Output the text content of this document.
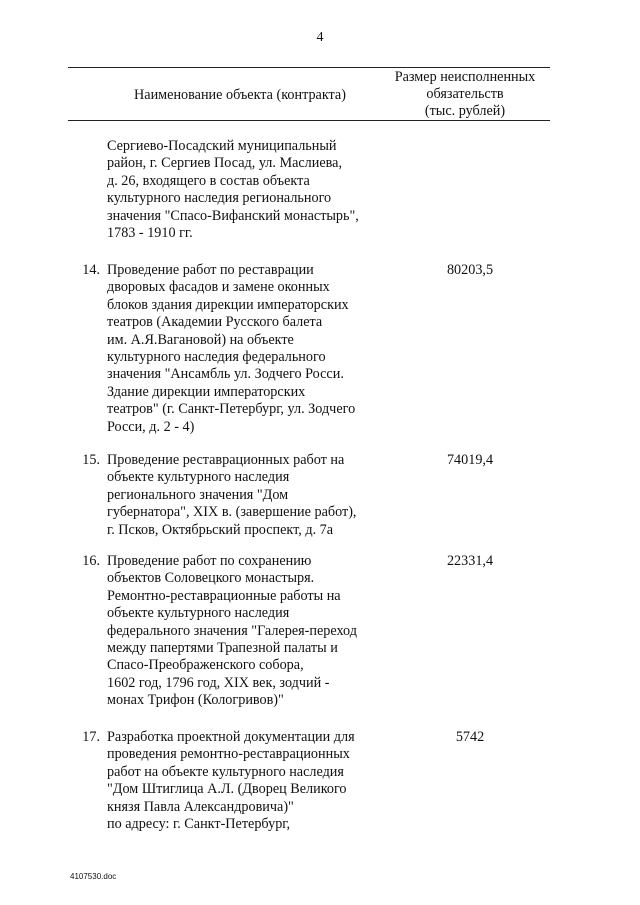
4
Наименование объекта (контракта)
Размер неисполненных
обязательств
(тыс. рублей)
Сергиево-Посадский муниципальный
район, г. Сергиев Посад, ул. Маслиева,
д. 26, входящего в состав объекта
культурного наследия регионального
значения "Спасо-Вифанский монастырь",
1783 - 1910 гг.
14. Проведение работ по реставрации
дворовых фасадов и замене оконных
блоков здания дирекции императорских
театров (Академии Русского балета
им. А.Я.Вагановой) на объекте
культурного наследия федерального
значения "Ансамбль ул. Зодчего Росси.
Здание дирекции императорских
театров" (г. Санкт-Петербург, ул. Зодчего
Росси, д. 2 - 4)
80203,5
15. Проведение реставрационных работ на
объекте культурного наследия
регионального значения "Дом
губернатора", XIX в. (завершение работ),
г. Псков, Октябрьский проспект, д. 7а
74019,4
16. Проведение работ по сохранению
объектов Соловецкого монастыря.
Ремонтно-реставрационные работы на
объекте культурного наследия
федерального значения "Галерея-переход
между папертями Трапезной палаты и
Спасо-Преображенского собора,
1602 год, 1796 год, XIX век, зодчий -
монах Трифон (Кологривов)"
22331,4
17. Разработка проектной документации для
проведения ремонтно-реставрационных
работ на объекте культурного наследия
"Дом Штиглица А.Л. (Дворец Великого
князя Павла Александровича)"
по адресу: г. Санкт-Петербург,
5742
4107530.doc
